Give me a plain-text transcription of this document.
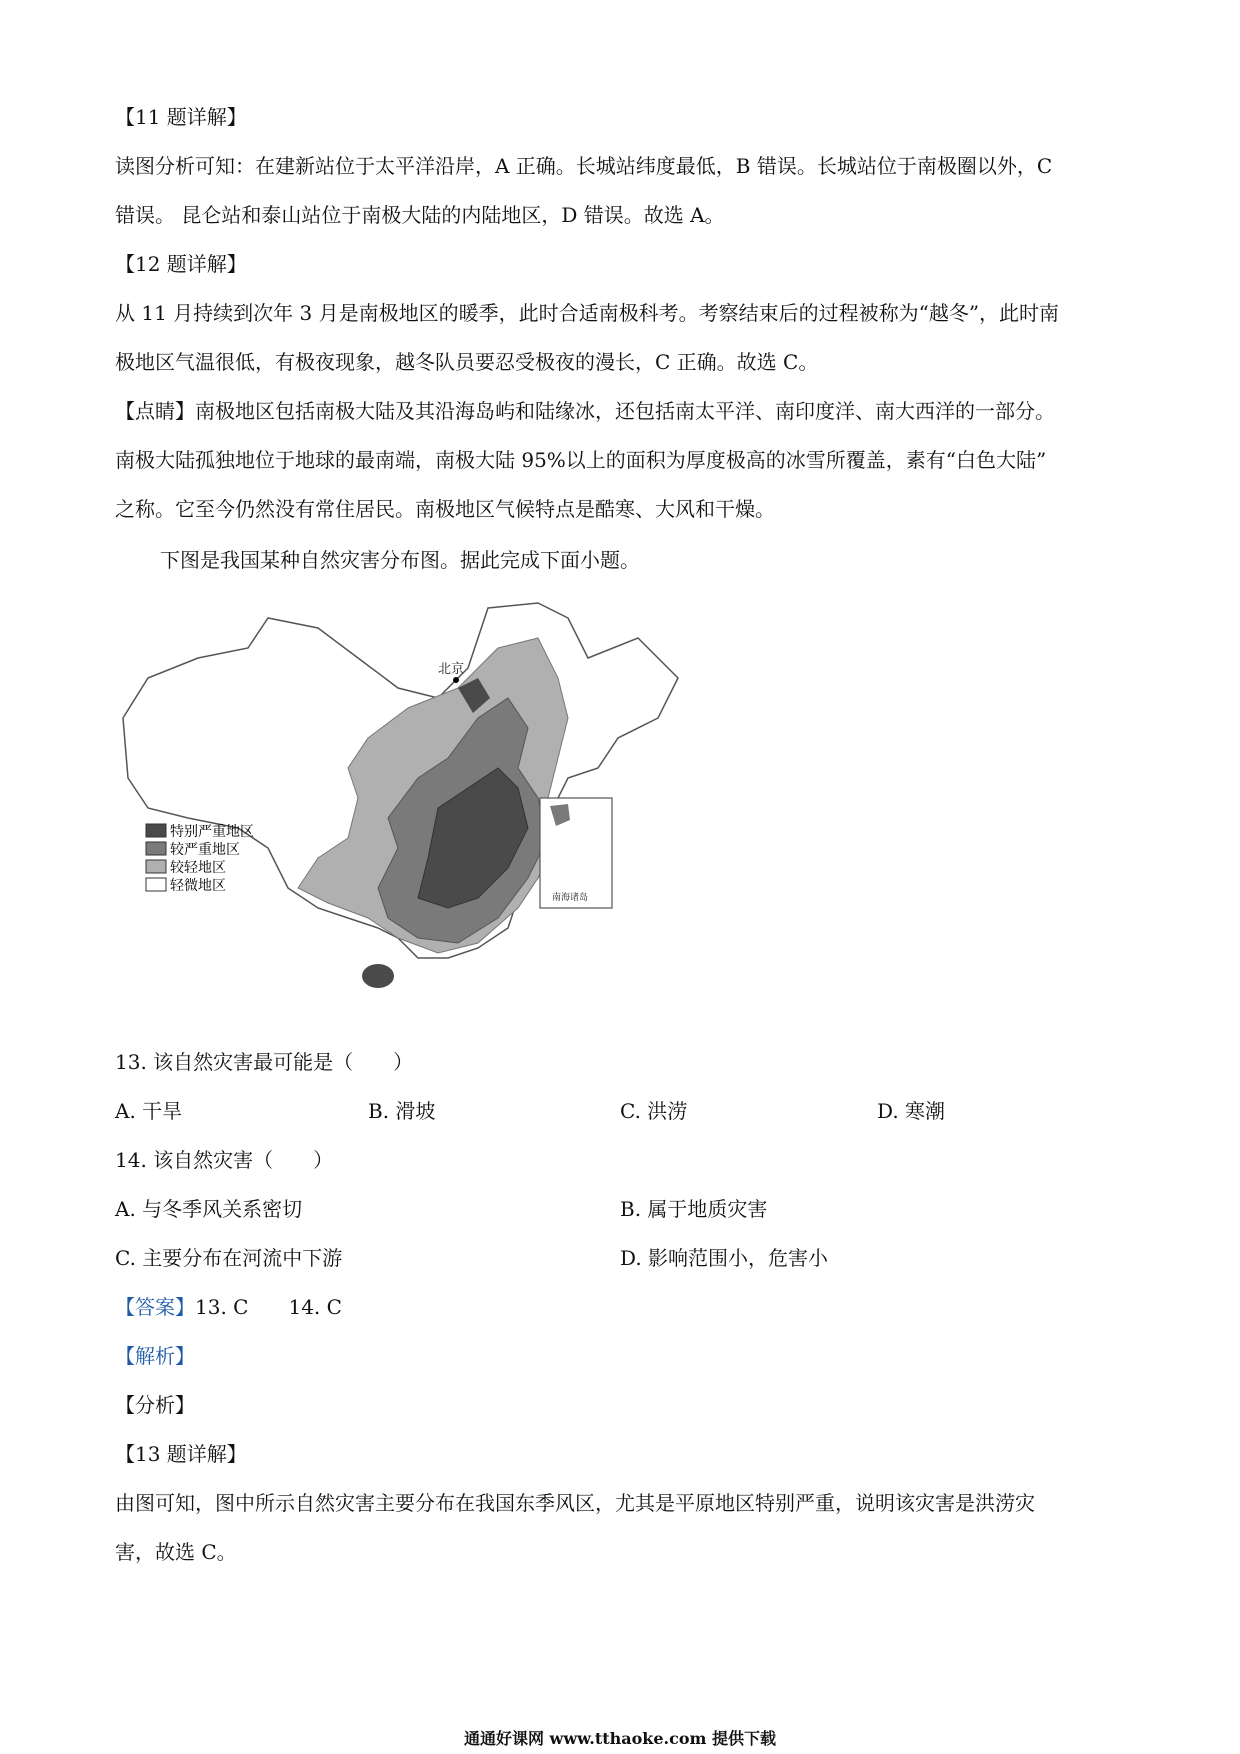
【11 题详解】

读图分析可知：在建新站位于太平洋沿岸，A 正确。长城站纬度最低，B 错误。长城站位于南极圈以外，C

错误。 昆仑站和泰山站位于南极大陆的内陆地区，D 错误。故选 A。

【12 题详解】

从 11 月持续到次年 3 月是南极地区的暖季，此时合适南极科考。考察结束后的过程被称为“越冬”，此时南

极地区气温很低，有极夜现象，越冬队员要忍受极夜的漫长，C 正确。故选 C。

【点睛】南极地区包括南极大陆及其沿海岛屿和陆缘冰，还包括南太平洋、南印度洋、南大西洋的一部分。

南极大陆孤独地位于地球的最南端，南极大陆 95%以上的面积为厚度极高的冰雪所覆盖，素有“白色大陆”

之称。它至今仍然没有常住居民。南极地区气候特点是酷寒、大风和干燥。

下图是我国某种自然灾害分布图。据此完成下面小题。
北京
南海诸岛
特别严重地区
较严重地区
较轻地区
轻微地区
13. 该自然灾害最可能是（　　）
A. 干旱	B. 滑坡	C. 洪涝	D. 寒潮
14. 该自然灾害（　　）
A. 与冬季风关系密切	B. 属于地质灾害
C. 主要分布在河流中下游	D. 影响范围小，危害小
【答案】13. C 14. C
【解析】
【分析】
【13 题详解】
由图可知，图中所示自然灾害主要分布在我国东季风区，尤其是平原地区特别严重，说明该灾害是洪涝灾
害，故选 C。
通通好课网 www.tthaoke.com 提供下载
